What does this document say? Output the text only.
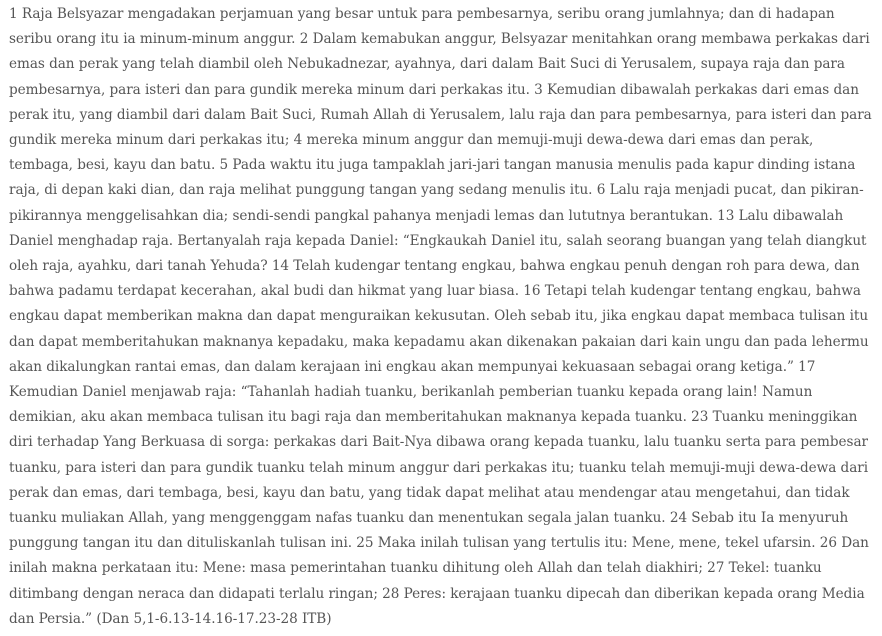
1 Raja Belsyazar mengadakan perjamuan yang besar untuk para pembesarnya, seribu orang jumlahnya; dan di hadapan seribu orang itu ia minum-minum anggur. 2 Dalam kemabukan anggur, Belsyazar menitahkan orang membawa perkakas dari emas dan perak yang telah diambil oleh Nebukadnezar, ayahnya, dari dalam Bait Suci di Yerusalem, supaya raja dan para pembesarnya, para isteri dan para gundik mereka minum dari perkakas itu. 3 Kemudian dibawalah perkakas dari emas dan perak itu, yang diambil dari dalam Bait Suci, Rumah Allah di Yerusalem, lalu raja dan para pembesarnya, para isteri dan para gundik mereka minum dari perkakas itu; 4 mereka minum anggur dan memuji-muji dewa-dewa dari emas dan perak, tembaga, besi, kayu dan batu. 5 Pada waktu itu juga tampaklah jari-jari tangan manusia menulis pada kapur dinding istana raja, di depan kaki dian, dan raja melihat punggung tangan yang sedang menulis itu. 6 Lalu raja menjadi pucat, dan pikiran-pikirannya menggelisahkan dia; sendi-sendi pangkal pahanya menjadi lemas dan lututnya berantukan. 13 Lalu dibawalah Daniel menghadap raja. Bertanyalah raja kepada Daniel: “Engkaukah Daniel itu, salah seorang buangan yang telah diangkut oleh raja, ayahku, dari tanah Yehuda? 14 Telah kudengar tentang engkau, bahwa engkau penuh dengan roh para dewa, dan bahwa padamu terdapat kecerahan, akal budi dan hikmat yang luar biasa. 16 Tetapi telah kudengar tentang engkau, bahwa engkau dapat memberikan makna dan dapat menguraikan kekusutan. Oleh sebab itu, jika engkau dapat membaca tulisan itu dan dapat memberitahukan maknanya kepadaku, maka kepadamu akan dikenakan pakaian dari kain ungu dan pada lehermu akan dikalungkan rantai emas, dan dalam kerajaan ini engkau akan mempunyai kekuasaan sebagai orang ketiga.” 17 Kemudian Daniel menjawab raja: “Tahanlah hadiah tuanku, berikanlah pemberian tuanku kepada orang lain! Namun demikian, aku akan membaca tulisan itu bagi raja dan memberitahukan maknanya kepada tuanku. 23 Tuanku meninggikan diri terhadap Yang Berkuasa di sorga: perkakas dari Bait-Nya dibawa orang kepada tuanku, lalu tuanku serta para pembesar tuanku, para isteri dan para gundik tuanku telah minum anggur dari perkakas itu; tuanku telah memuji-muji dewa-dewa dari perak dan emas, dari tembaga, besi, kayu dan batu, yang tidak dapat melihat atau mendengar atau mengetahui, dan tidak tuanku muliakan Allah, yang menggenggam nafas tuanku dan menentukan segala jalan tuanku. 24 Sebab itu Ia menyuruh punggung tangan itu dan dituliskanlah tulisan ini. 25 Maka inilah tulisan yang tertulis itu: Mene, mene, tekel ufarsin. 26 Dan inilah makna perkataan itu: Mene: masa pemerintahan tuanku dihitung oleh Allah dan telah diakhiri; 27 Tekel: tuanku ditimbang dengan neraca dan didapati terlalu ringan; 28 Peres: kerajaan tuanku dipecah dan diberikan kepada orang Media dan Persia.” (Dan 5,1-6.13-14.16-17.23-28 ITB)
